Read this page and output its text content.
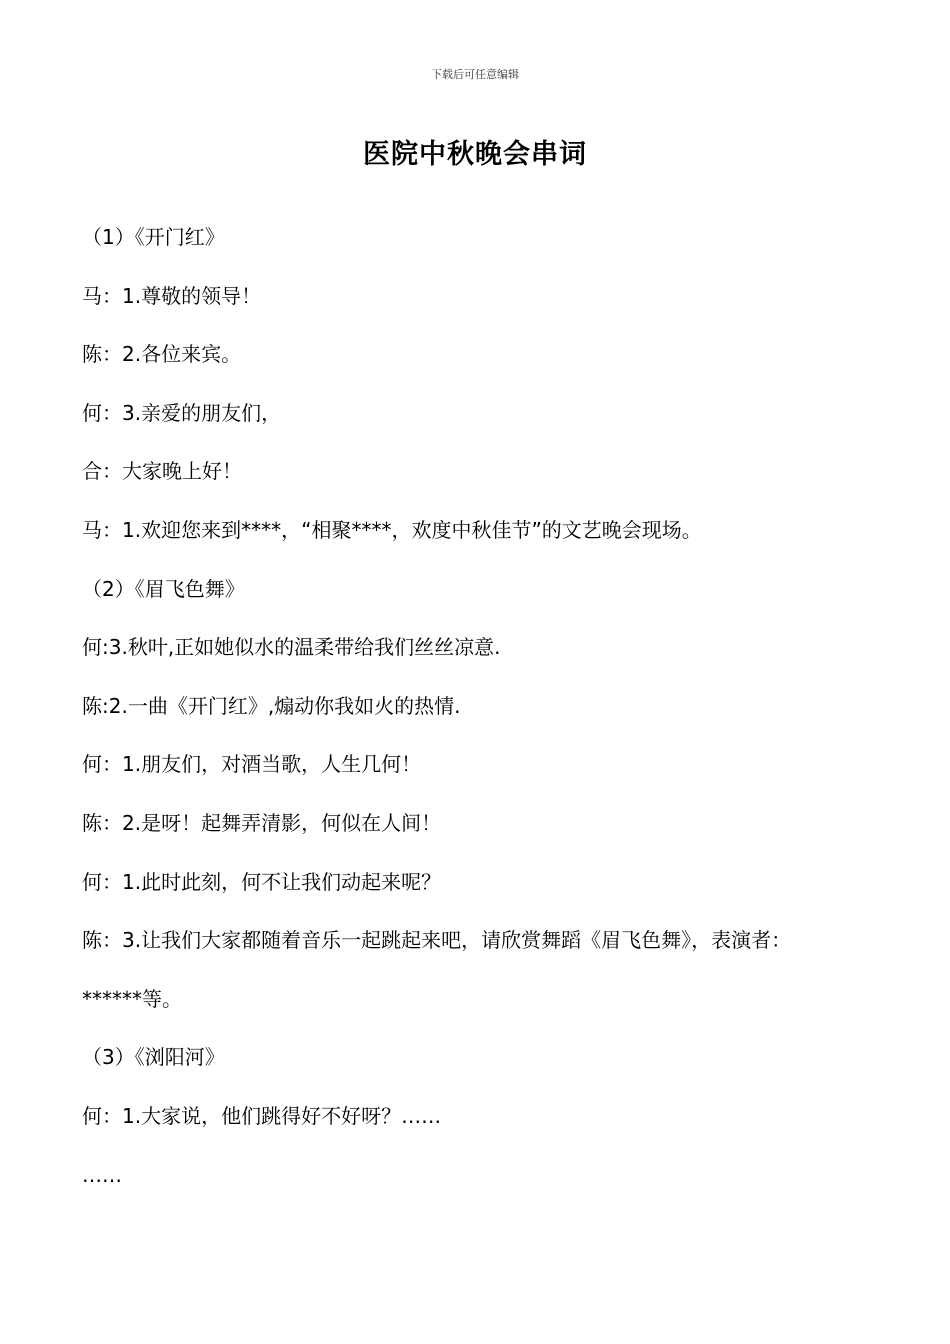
下载后可任意编辑
医院中秋晚会串词
（1）《开门红》
马：1.尊敬的领导！
陈：2.各位来宾。
何：3.亲爱的朋友们，
合：大家晚上好！
马：1.欢迎您来到****，“相聚****，欢度中秋佳节”的文艺晚会现场。
（2）《眉飞色舞》
何:3.秋叶,正如她似水的温柔带给我们丝丝凉意.
陈:2.一曲《开门红》,煽动你我如火的热情.
何：1.朋友们，对酒当歌，人生几何！
陈：2.是呀！起舞弄清影，何似在人间！
何：1.此时此刻，何不让我们动起来呢？
陈：3.让我们大家都随着音乐一起跳起来吧，请欣赏舞蹈《眉飞色舞》，表演者：
******等。
（3）《浏阳河》
何：1.大家说，他们跳得好不好呀？……
……
